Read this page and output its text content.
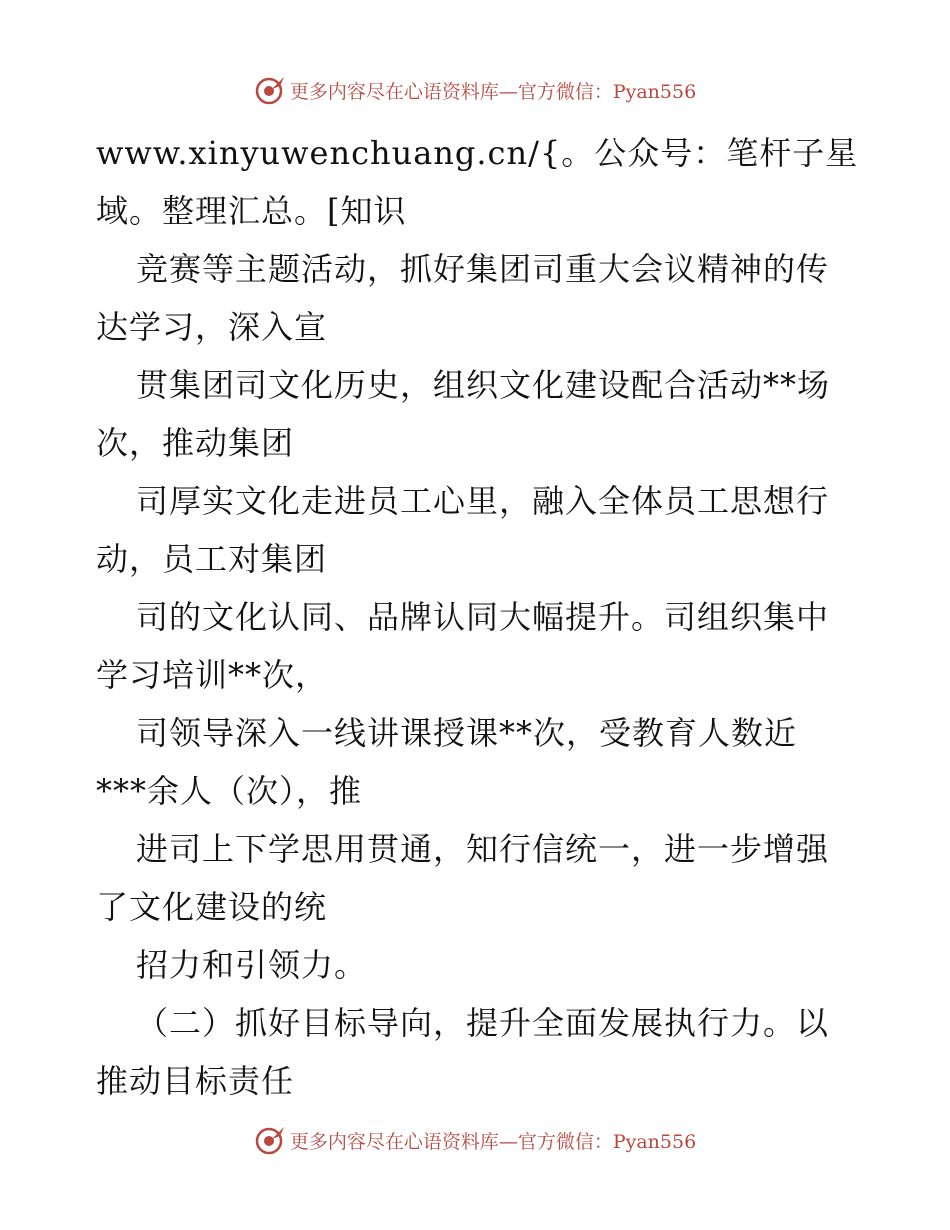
更多内容尽在心语资料库—官方微信：Pyan556
www.xinyuwenchuang.cn/{。公众号：笔杆子星
域。整理汇总。[知识
竞赛等主题活动，抓好集团司重大会议精神的传
达学习，深入宣
贯集团司文化历史，组织文化建设配合活动**场
次，推动集团
司厚实文化走进员工心里，融入全体员工思想行
动，员工对集团
司的文化认同、品牌认同大幅提升。司组织集中
学习培训**次，
司领导深入一线讲课授课**次，受教育人数近
***余人（次），推
进司上下学思用贯通，知行信统一，进一步增强
了文化建设的统
招力和引领力。
（二）抓好目标导向，提升全面发展执行力。以
推动目标责任
更多内容尽在心语资料库—官方微信：Pyan556
